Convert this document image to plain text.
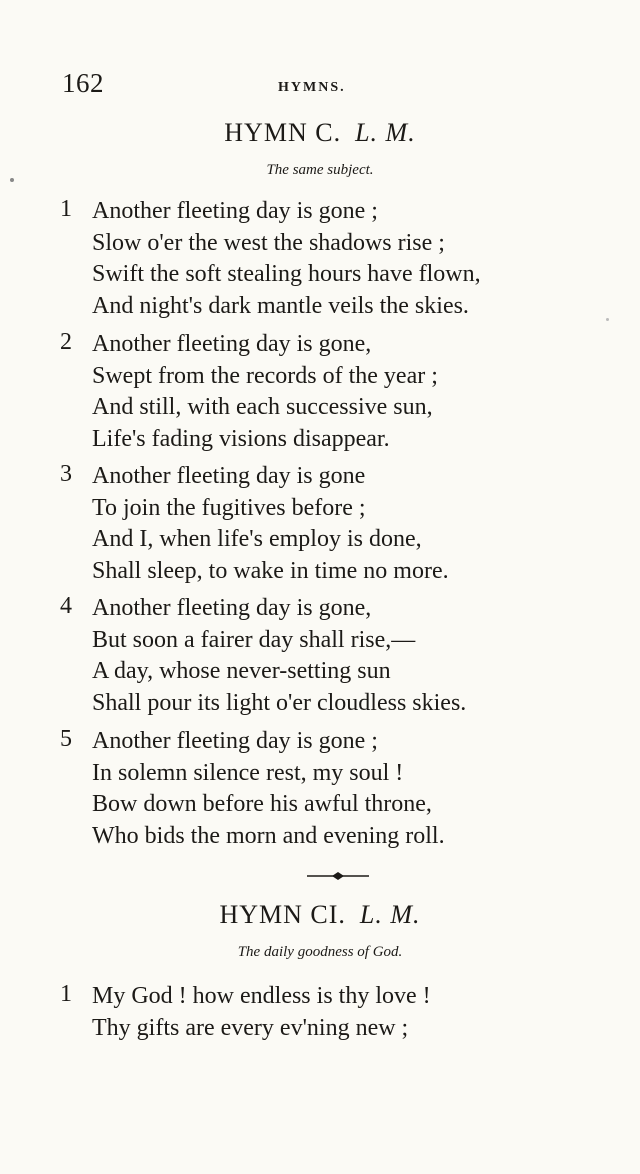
162	HYMNS.
HYMN C. L. M.
The same subject.
1 Another fleeting day is gone ;
Slow o'er the west the shadows rise ;
Swift the soft stealing hours have flown,
And night's dark mantle veils the skies.
2 Another fleeting day is gone,
Swept from the records of the year ;
And still, with each successive sun,
Life's fading visions disappear.
3 Another fleeting day is gone
To join the fugitives before ;
And I, when life's employ is done,
Shall sleep, to wake in time no more.
4 Another fleeting day is gone,
But soon a fairer day shall rise,—
A day, whose never-setting sun
Shall pour its light o'er cloudless skies.
5 Another fleeting day is gone ;
In solemn silence rest, my soul !
Bow down before his awful throne,
Who bids the morn and evening roll.
HYMN CI. L. M.
The daily goodness of God.
1 My God ! how endless is thy love !
Thy gifts are every ev'ning new ;
